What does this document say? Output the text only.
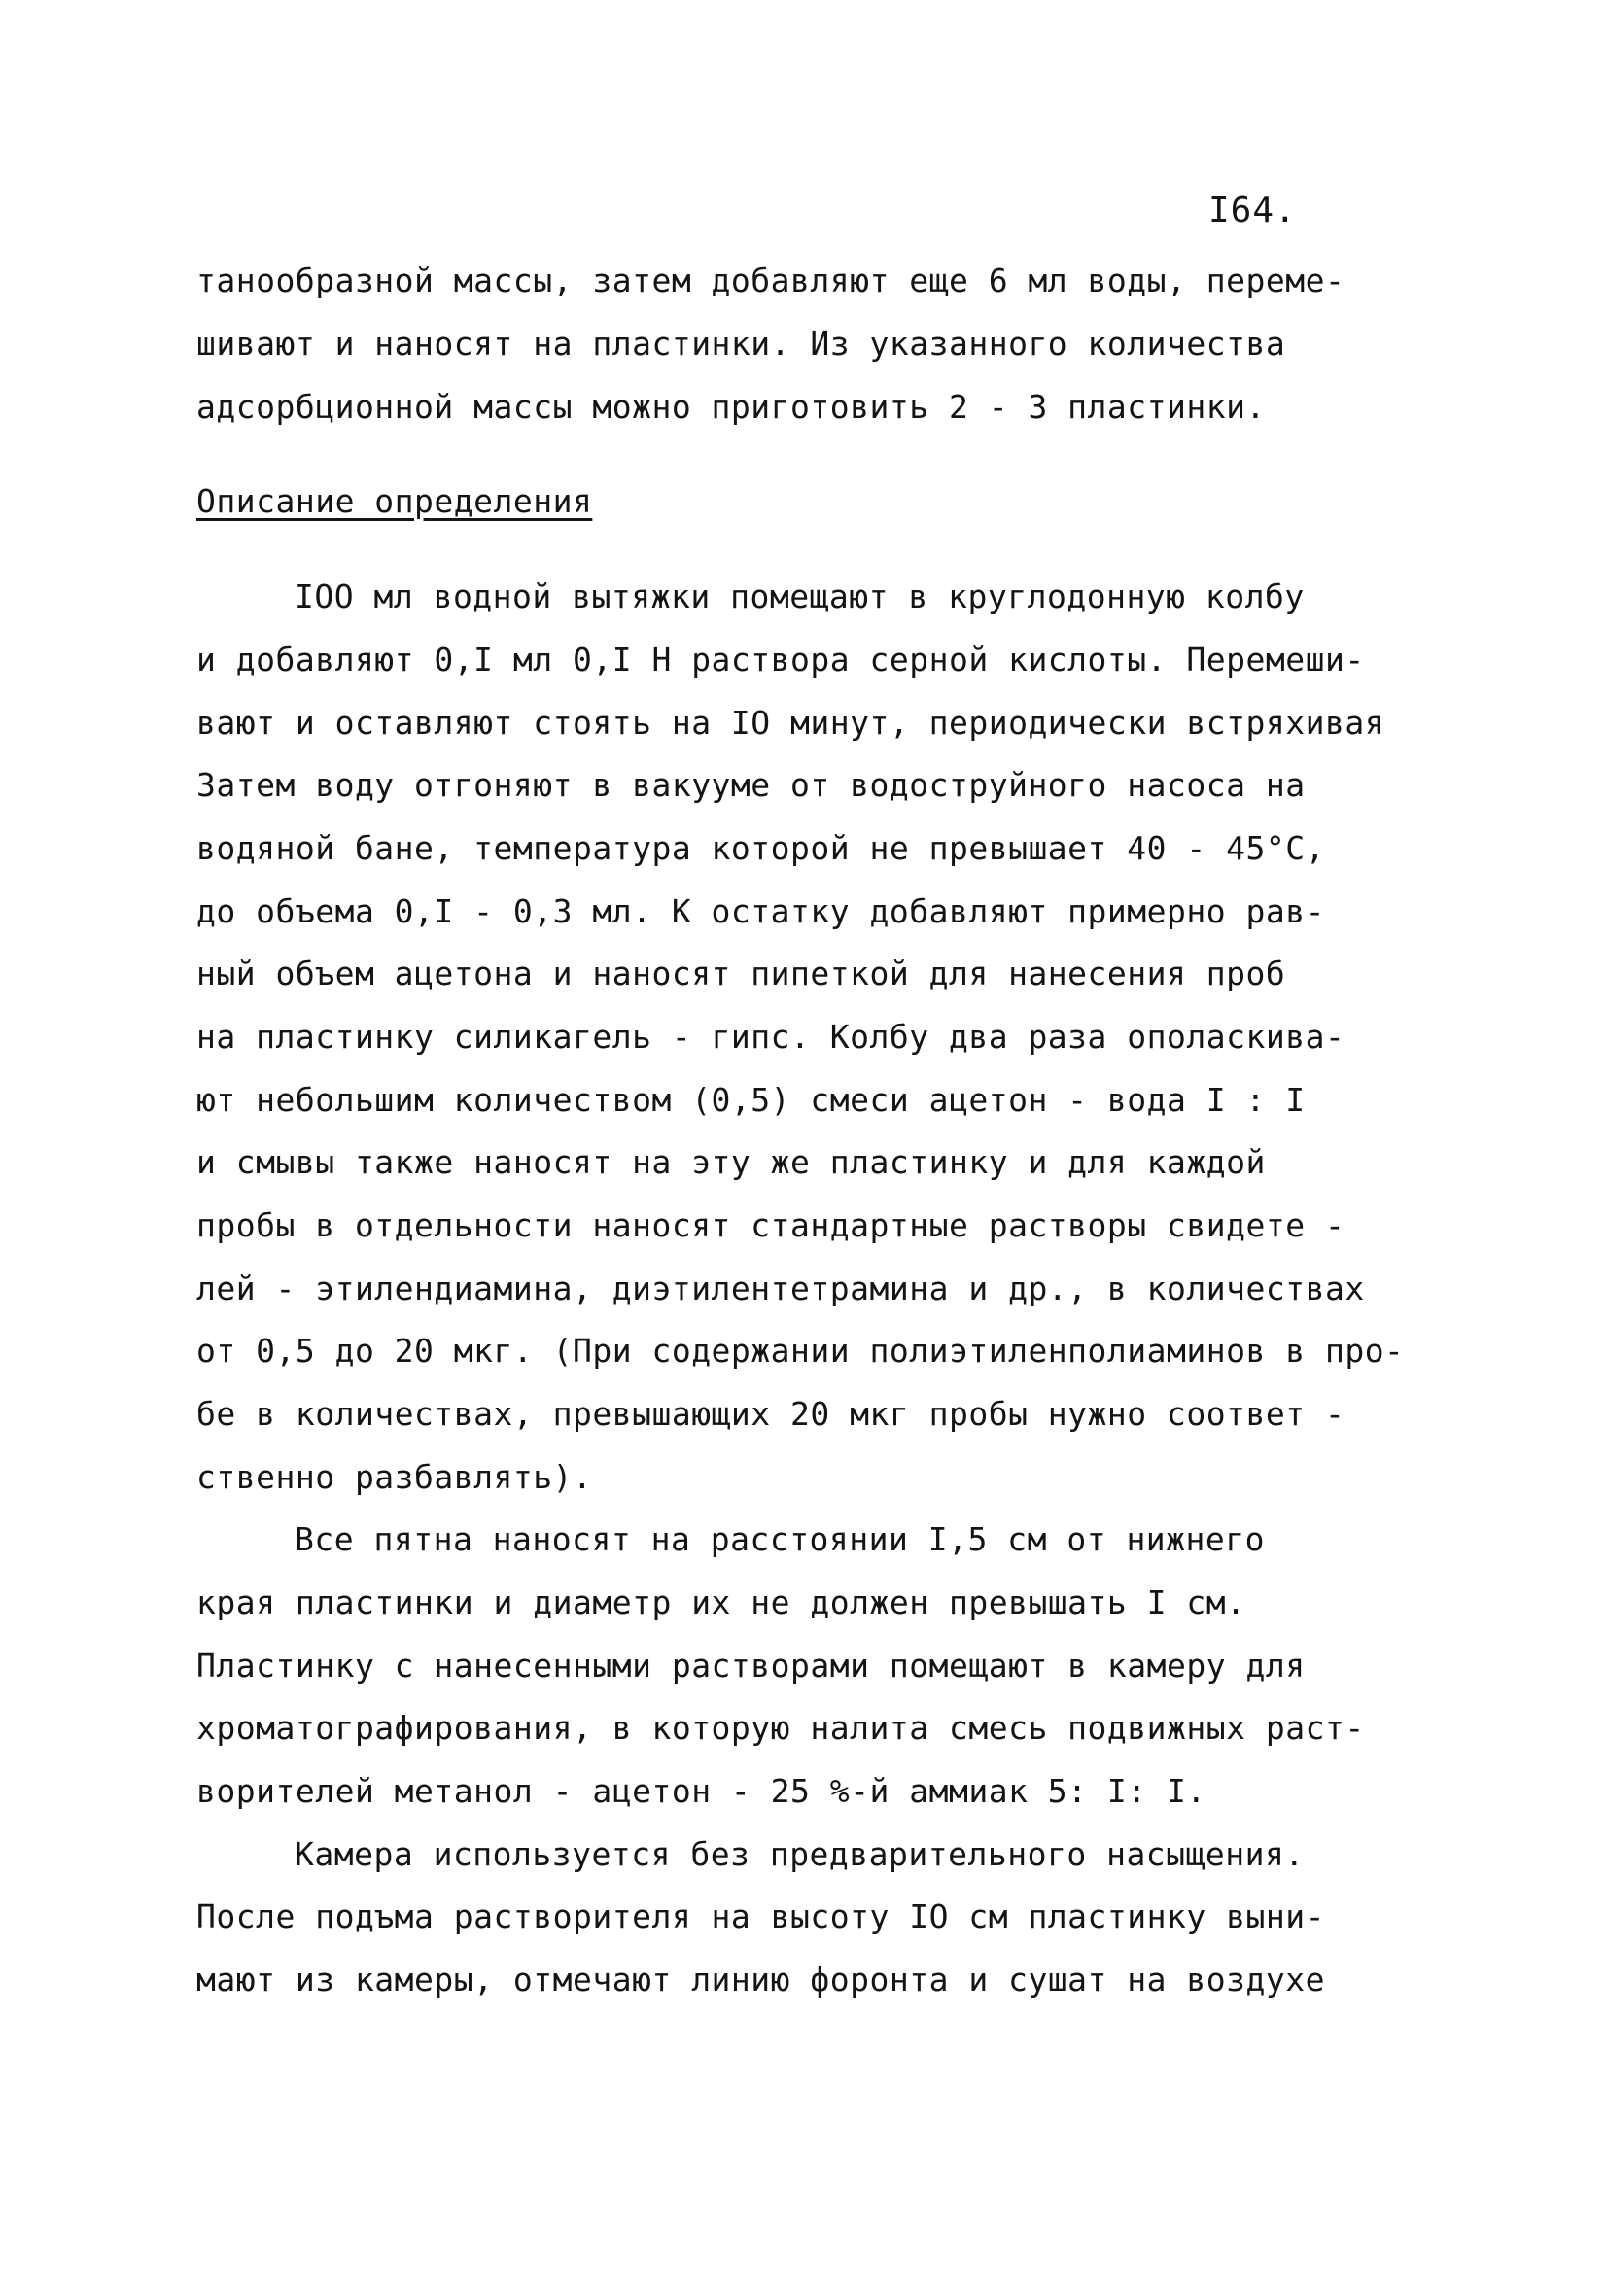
I64.
танообразной массы, затем добавляют еще 6 мл воды, переме-
шивают и наносят на пластинки. Из указанного количества
адсорбционной массы можно приготовить 2 - 3 пластинки.
Описание определения
IOO мл водной вытяжки помещают в круглодонную колбу
и добавляют 0,I мл 0,I Н раствора серной кислоты. Перемеши-
вают и оставляют стоять на IO минут, периодически встряхивая
Затем воду отгоняют в вакууме от водоструйного насоса на
водяной бане, температура которой не превышает 40 - 45°С,
до объема 0,I - 0,3 мл. К остатку добавляют примерно рав-
ный объем ацетона и наносят пипеткой для нанесения проб
на пластинку силикагель - гипс. Колбу два раза ополаскива-
ют небольшим количеством (0,5) смеси ацетон - вода I : I
и смывы также наносят на эту же пластинку и для каждой
пробы в отдельности наносят стандартные растворы свидете -
лей - этилендиамина, диэтилентетрамина и др., в количествах
от 0,5 до 20 мкг. (При содержании полиэтиленполиаминов в про-
бе в количествах, превышающих 20 мкг пробы нужно соответ -
ственно разбавлять).
Все пятна наносят на расстоянии I,5 см от нижнего
края пластинки и диаметр их не должен превышать I см.
Пластинку с нанесенными растворами помещают в камеру для
хроматографирования, в которую налита смесь подвижных раст-
ворителей метанол - ацетон - 25 %-й аммиак 5: I: I.
Камера используется без предварительного насыщения.
После подъма растворителя на высоту IO см пластинку выни-
мают из камеры, отмечают линию форонта и сушат на воздухе
